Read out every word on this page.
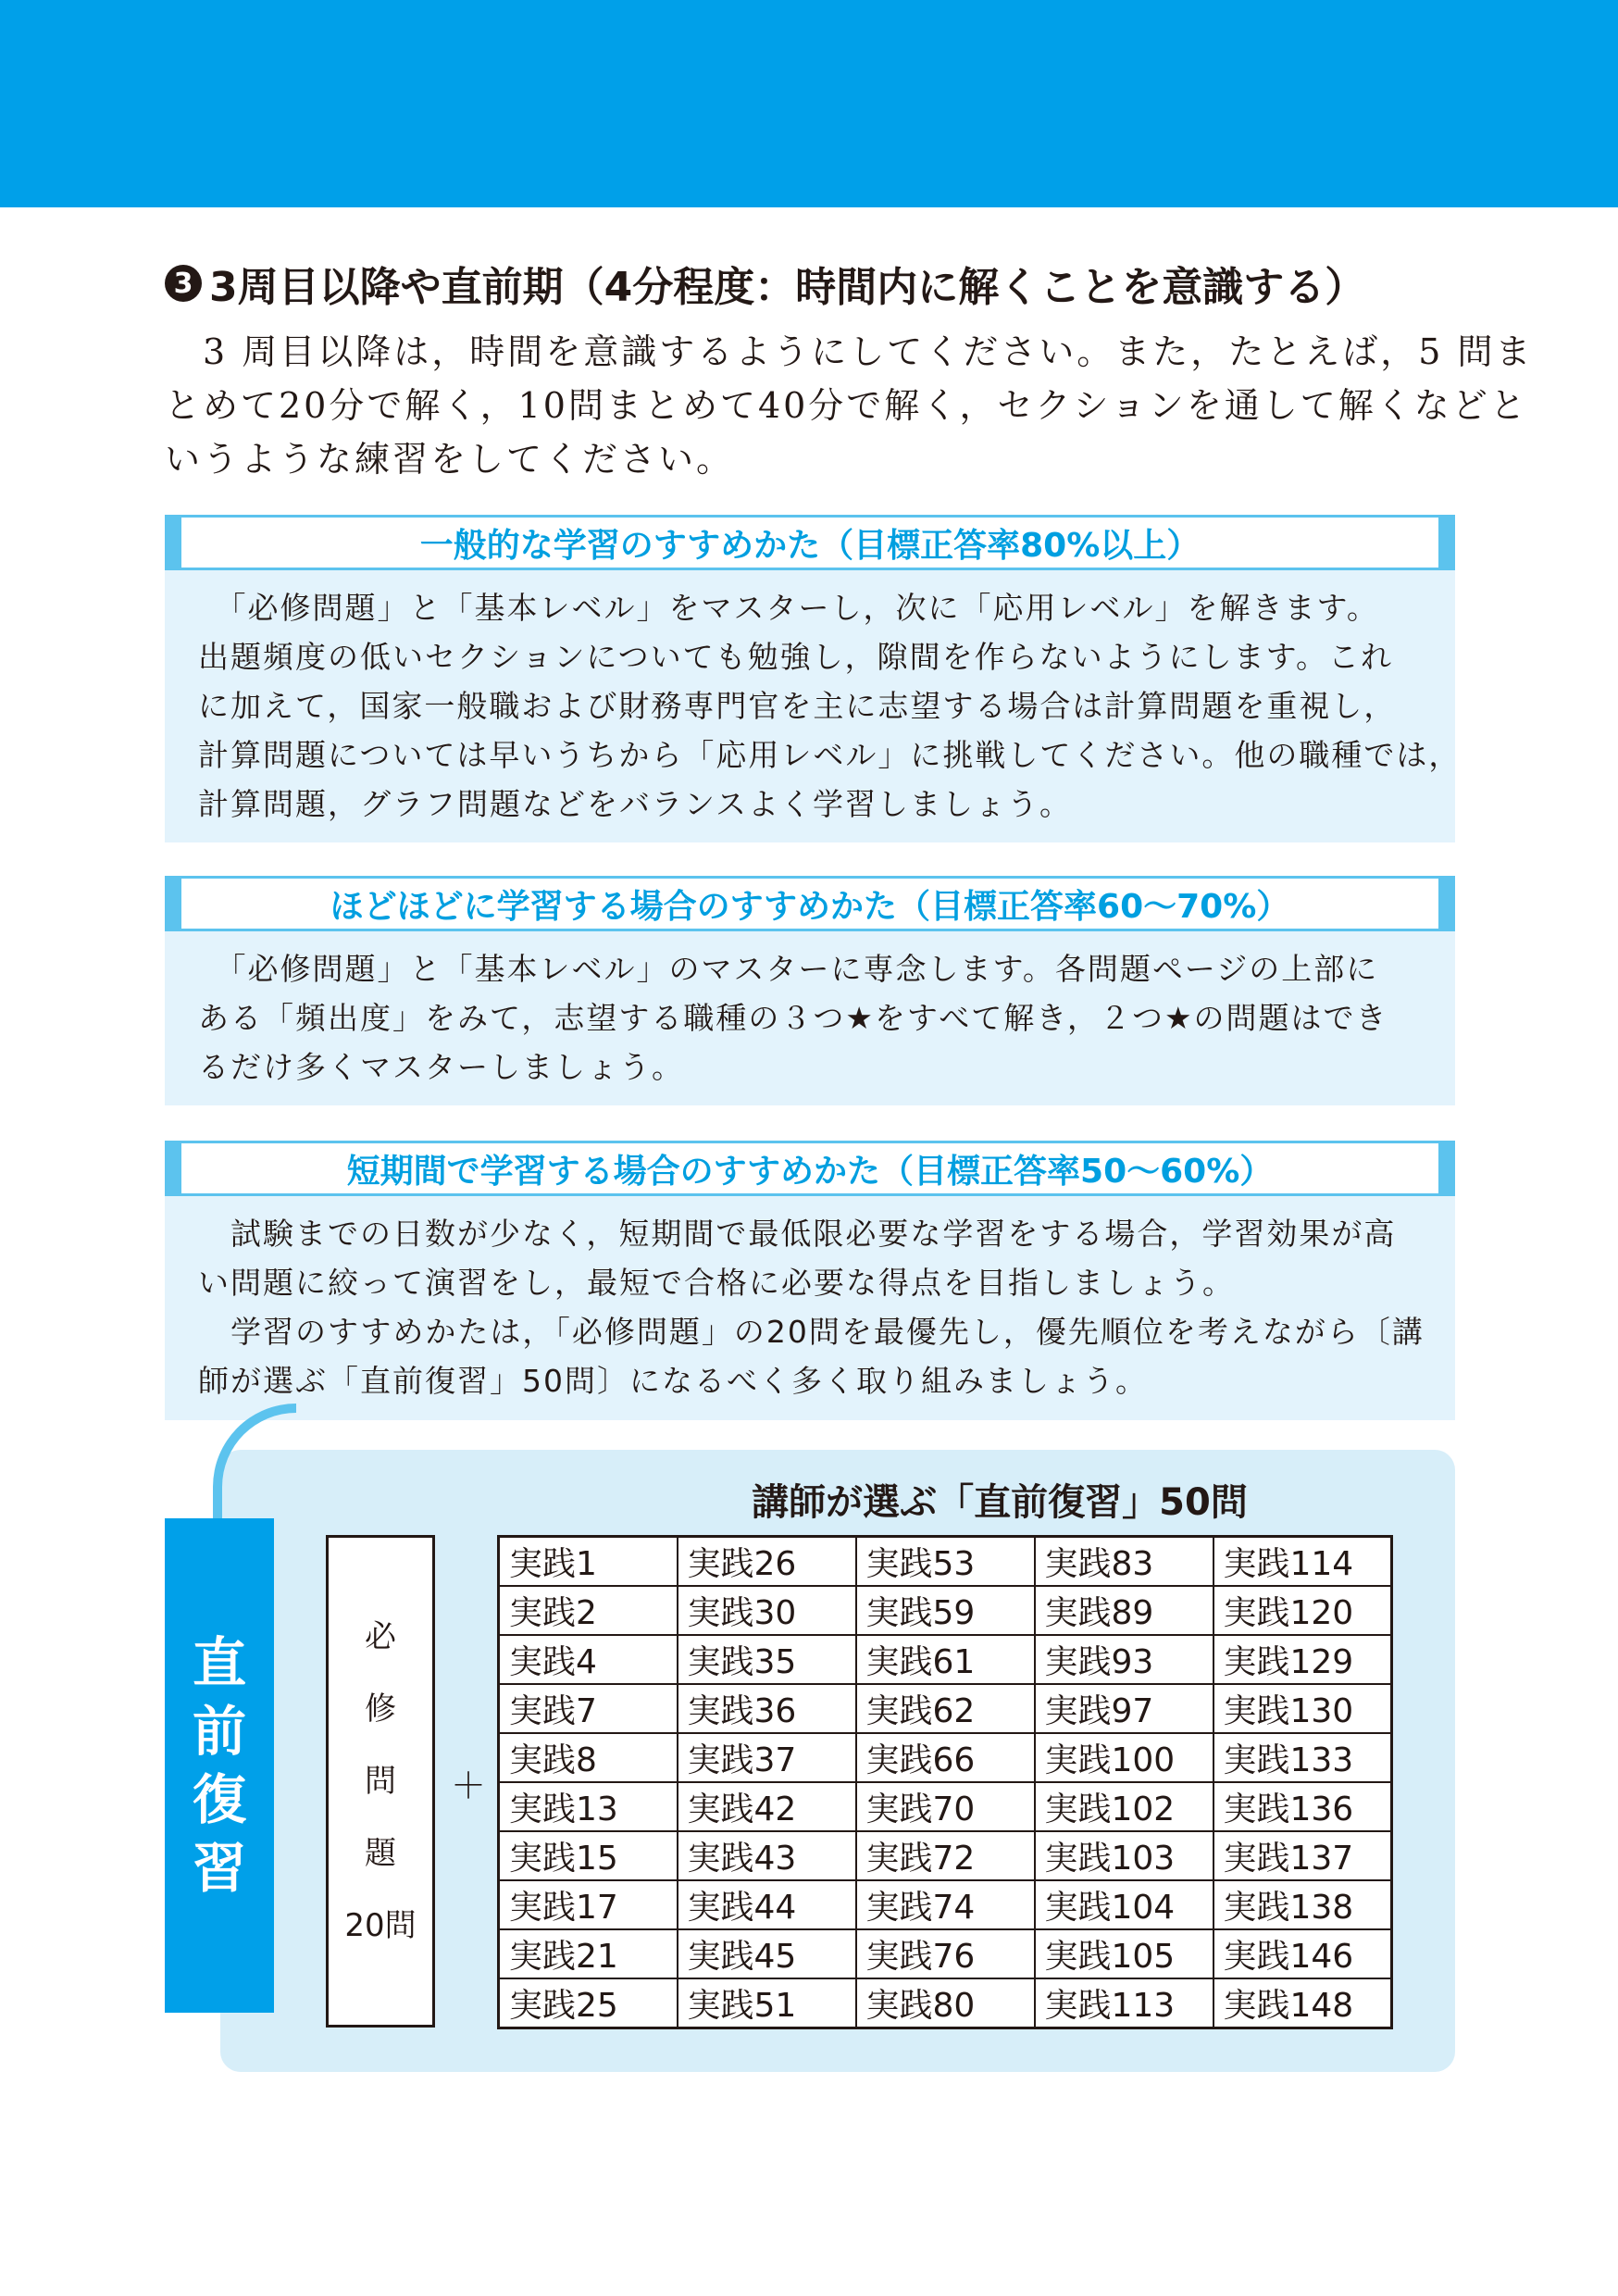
3 3周目以降や直前期（4分程度：時間内に解くことを意識する）
　3 周目以降は，時間を意識するようにしてください。また，たとえば，5 問ま
とめて20分で解く，10問まとめて40分で解く，セクションを通して解くなどと
いうような練習をしてください。
一般的な学習のすすめかた（目標正答率80%以上）
　「必修問題」と「基本レベル」をマスターし，次に「応用レベル」を解きます。
出題頻度の低いセクションについても勉強し，隙間を作らないようにします。これ
に加えて，国家一般職および財務専門官を主に志望する場合は計算問題を重視し，
計算問題については早いうちから「応用レベル」に挑戦してください。他の職種では，
計算問題，グラフ問題などをバランスよく学習しましょう。
ほどほどに学習する場合のすすめかた（目標正答率60～70%）
　「必修問題」と「基本レベル」のマスターに専念します。各問題ページの上部に
ある「頻出度」をみて，志望する職種の３つ★をすべて解き，２つ★の問題はでき
るだけ多くマスターしましょう。
短期間で学習する場合のすすめかた（目標正答率50～60%）
　試験までの日数が少なく，短期間で最低限必要な学習をする場合，学習効果が高
い問題に絞って演習をし，最短で合格に必要な得点を目指しましょう。
　学習のすすめかたは，「必修問題」の20問を最優先し，優先順位を考えながら〔講
師が選ぶ「直前復習」50問〕になるべく多く取り組みましょう。
直
前
復
習
講師が選ぶ「直前復習」50問
必
修
問
題
20問
＋
実践1	実践26	実践53	実践83	実践114
実践2	実践30	実践59	実践89	実践120
実践4	実践35	実践61	実践93	実践129
実践7	実践36	実践62	実践97	実践130
実践8	実践37	実践66	実践100	実践133
実践13	実践42	実践70	実践102	実践136
実践15	実践43	実践72	実践103	実践137
実践17	実践44	実践74	実践104	実践138
実践21	実践45	実践76	実践105	実践146
実践25	実践51	実践80	実践113	実践148
